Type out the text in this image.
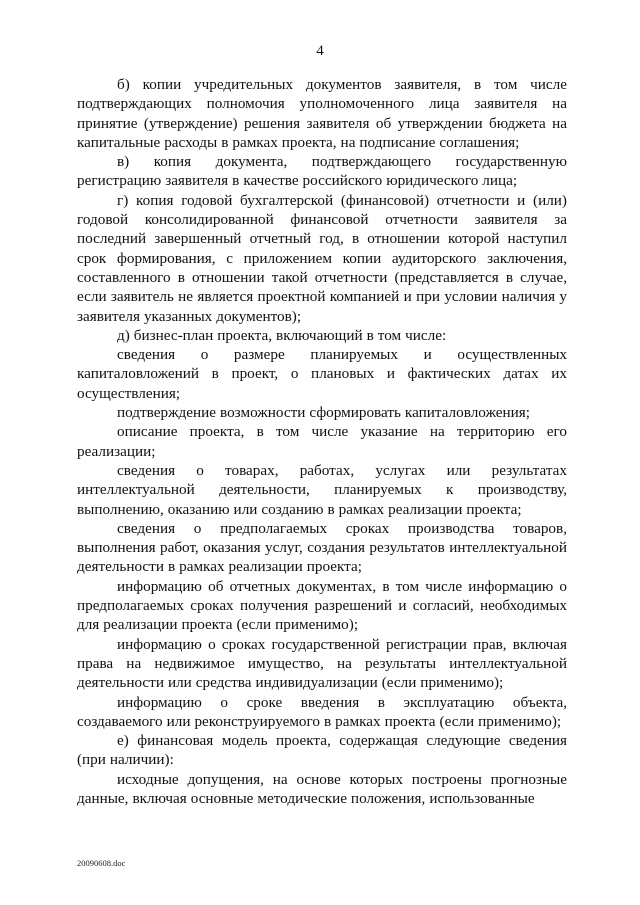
4

б) копии учредительных документов заявителя, в том числе подтверждающих полномочия уполномоченного лица заявителя на принятие (утверждение) решения заявителя об утверждении бюджета на капитальные расходы в рамках проекта, на подписание соглашения;

в) копия документа, подтверждающего государственную регистрацию заявителя в качестве российского юридического лица;

г) копия годовой бухгалтерской (финансовой) отчетности и (или) годовой консолидированной финансовой отчетности заявителя за последний завершенный отчетный год, в отношении которой наступил срок формирования, с приложением копии аудиторского заключения, составленного в отношении такой отчетности (представляется в случае, если заявитель не является проектной компанией и при условии наличия у заявителя указанных документов);

д) бизнес-план проекта, включающий в том числе:

сведения о размере планируемых и осуществленных капиталовложений в проект, о плановых и фактических датах их осуществления;

подтверждение возможности сформировать капиталовложения;

описание проекта, в том числе указание на территорию его реализации;

сведения о товарах, работах, услугах или результатах интеллектуальной деятельности, планируемых к производству, выполнению, оказанию или созданию в рамках реализации проекта;

сведения о предполагаемых сроках производства товаров, выполнения работ, оказания услуг, создания результатов интеллектуальной деятельности в рамках реализации проекта;

информацию об отчетных документах, в том числе информацию о предполагаемых сроках получения разрешений и согласий, необходимых для реализации проекта (если применимо);

информацию о сроках государственной регистрации прав, включая права на недвижимое имущество, на результаты интеллектуальной деятельности или средства индивидуализации (если применимо);

информацию о сроке введения в эксплуатацию объекта, создаваемого или реконструируемого в рамках проекта (если применимо);

е) финансовая модель проекта, содержащая следующие сведения (при наличии):

исходные допущения, на основе которых построены прогнозные данные, включая основные методические положения, использованные

20090608.doc
